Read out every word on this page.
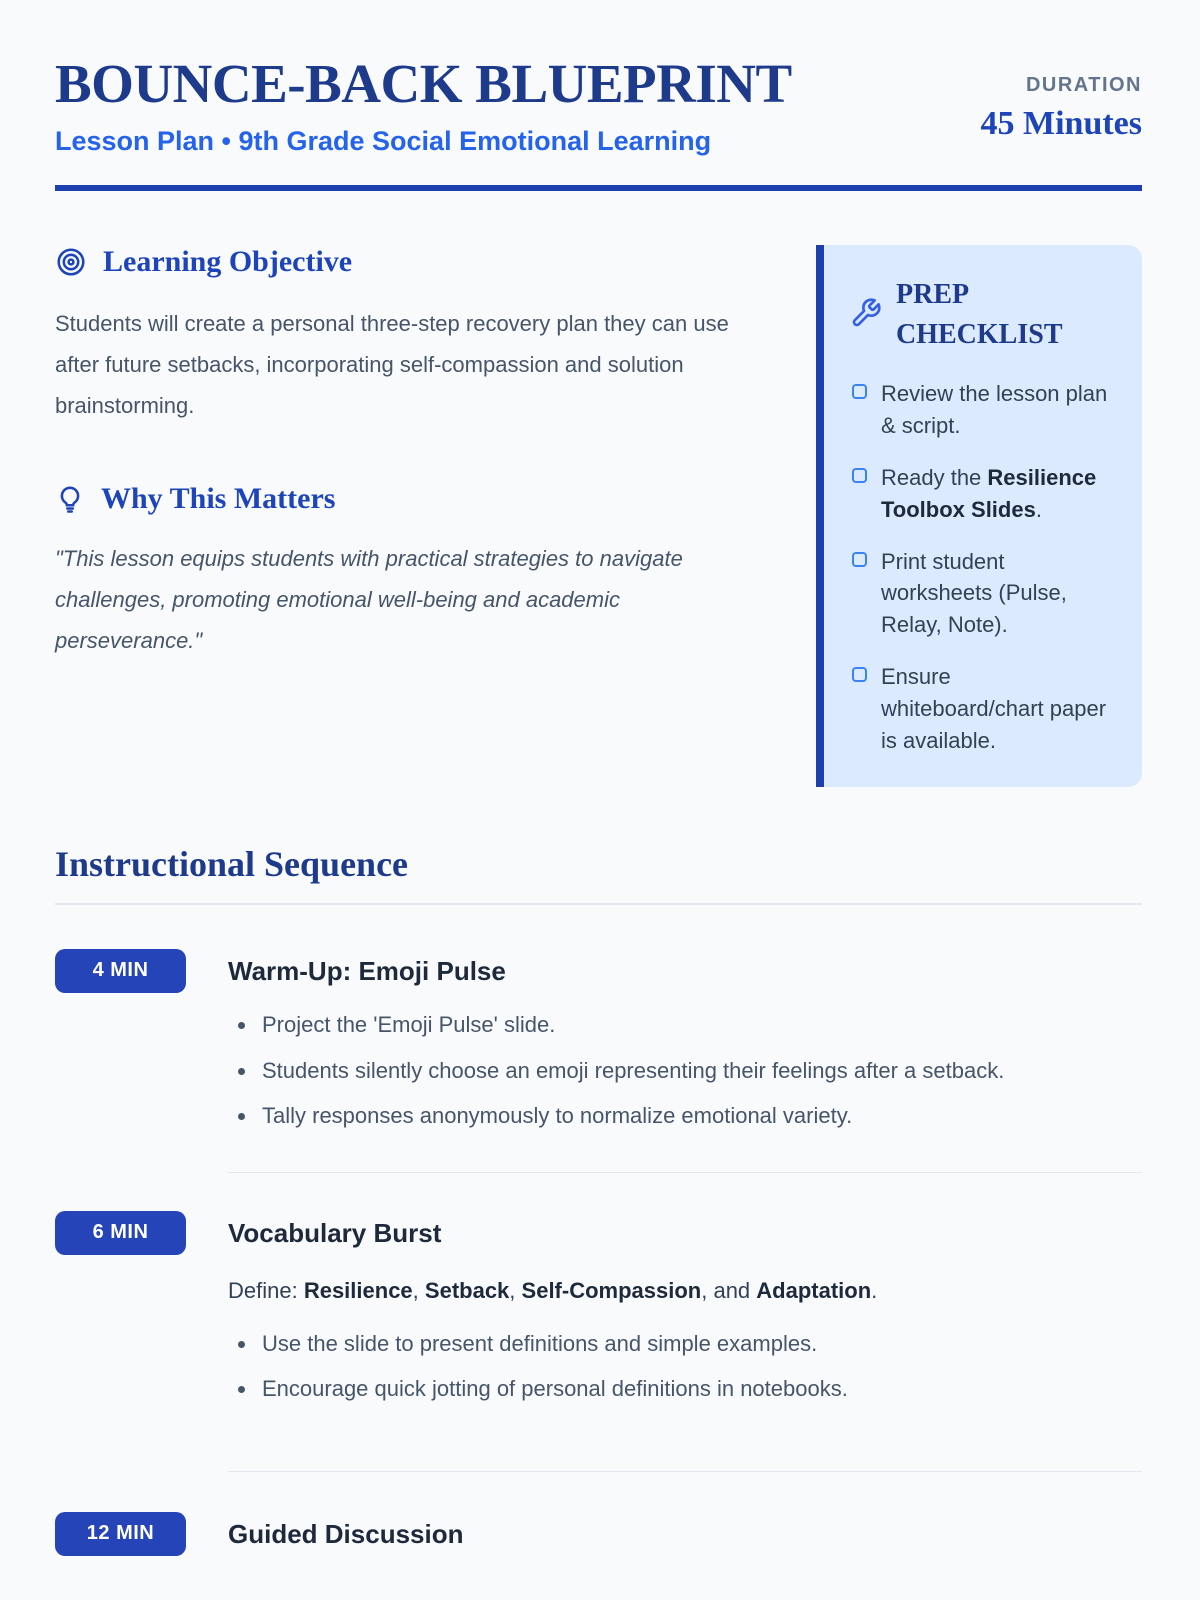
BOUNCE-BACK BLUEPRINT
Lesson Plan • 9th Grade Social Emotional Learning
DURATION
45 Minutes
Learning Objective

Students will create a personal three-step recovery plan they can use after future setbacks, incorporating self-compassion and solution brainstorming.

Why This Matters

"This lesson equips students with practical strategies to navigate challenges, promoting emotional well-being and academic perseverance."

PREP CHECKLIST

Review the lesson plan & script.

Ready the Resilience Toolbox Slides.

Print student worksheets (Pulse, Relay, Note).

Ensure whiteboard/chart paper is available.

Instructional Sequence
4 MIN	Warm-Up: Emoji Pulse
• Project the 'Emoji Pulse' slide.
• Students silently choose an emoji representing their feelings after a setback.
• Tally responses anonymously to normalize emotional variety.
6 MIN	Vocabulary Burst

Define: Resilience, Setback, Self-Compassion, and Adaptation.

• Use the slide to present definitions and simple examples.
• Encourage quick jotting of personal definitions in notebooks.
12 MIN	Guided Discussion
